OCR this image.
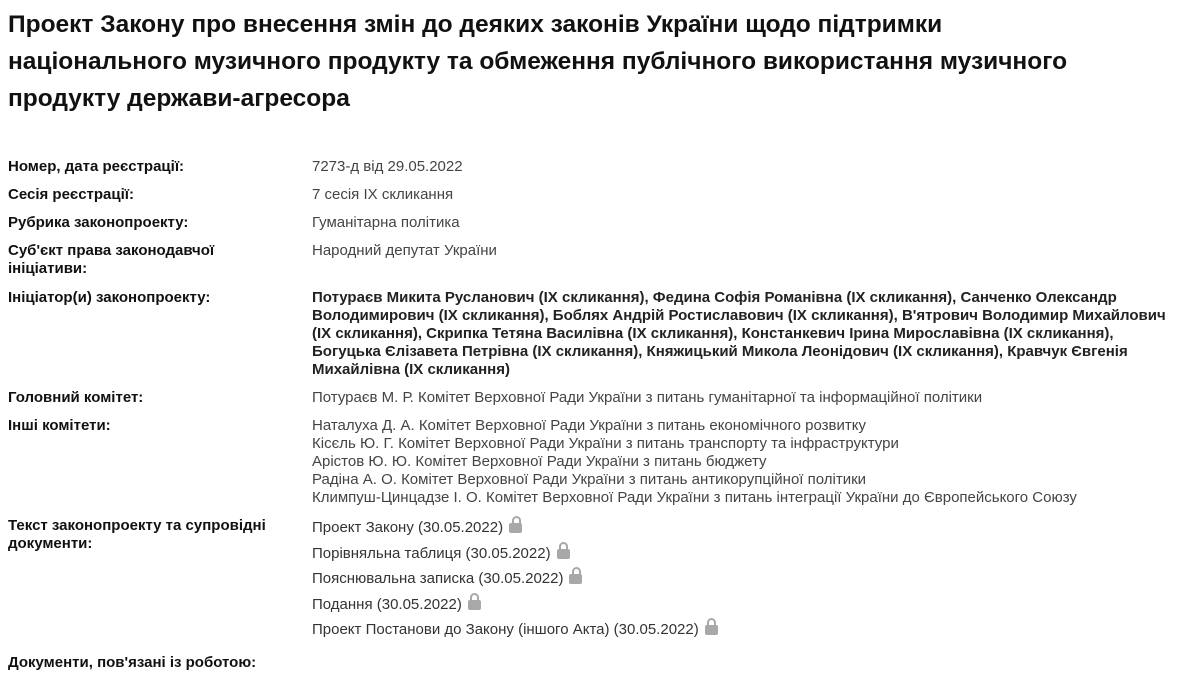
Проект Закону про внесення змін до деяких законів України щодо підтримки національного музичного продукту та обмеження публічного використання музичного продукту держави-агресора
Номер, дата реєстрації:	7273-д від 29.05.2022
Сесія реєстрації:	7 сесія IX скликання
Рубрика законопроекту:	Гуманітарна політика
Суб'єкт права законодавчої ініціативи:
Народний депутат України
Ініціатор(и) законопроекту:	Потураєв Микита Русланович (IX скликання), Федина Софія Романівна (IX скликання), Санченко Олександр Володимирович (IX скликання), Боблях Андрій Ростиславович (IX скликання), В'ятрович Володимир Михайлович (IX скликання), Скрипка Тетяна Василівна (IX скликання), Констанкевич Ірина Мирославівна (IX скликання), Богуцька Єлізавета Петрівна (IX скликання), Княжицький Микола Леонідович (IX скликання), Кравчук Євгенія Михайлівна (IX скликання)
Головний комітет:	Потураєв М. Р. Комітет Верховної Ради України з питань гуманітарної та інформаційної політики
Інші комітети:	Наталуха Д. А. Комітет Верховної Ради України з питань економічного розвитку
Кісєль Ю. Г. Комітет Верховної Ради України з питань транспорту та інфраструктури
Арістов Ю. Ю. Комітет Верховної Ради України з питань бюджету
Радіна А. О. Комітет Верховної Ради України з питань антикорупційної політики
Климпуш-Цинцадзе І. О. Комітет Верховної Ради України з питань інтеграції України до Європейського Союзу
Текст законопроекту та супровідні документи:
Проект Закону (30.05.2022)
Порівняльна таблиця (30.05.2022)
Пояснювальна записка (30.05.2022)
Подання (30.05.2022)
Проект Постанови до Закону (іншого Акта) (30.05.2022)
Документи, пов'язані із роботою:
